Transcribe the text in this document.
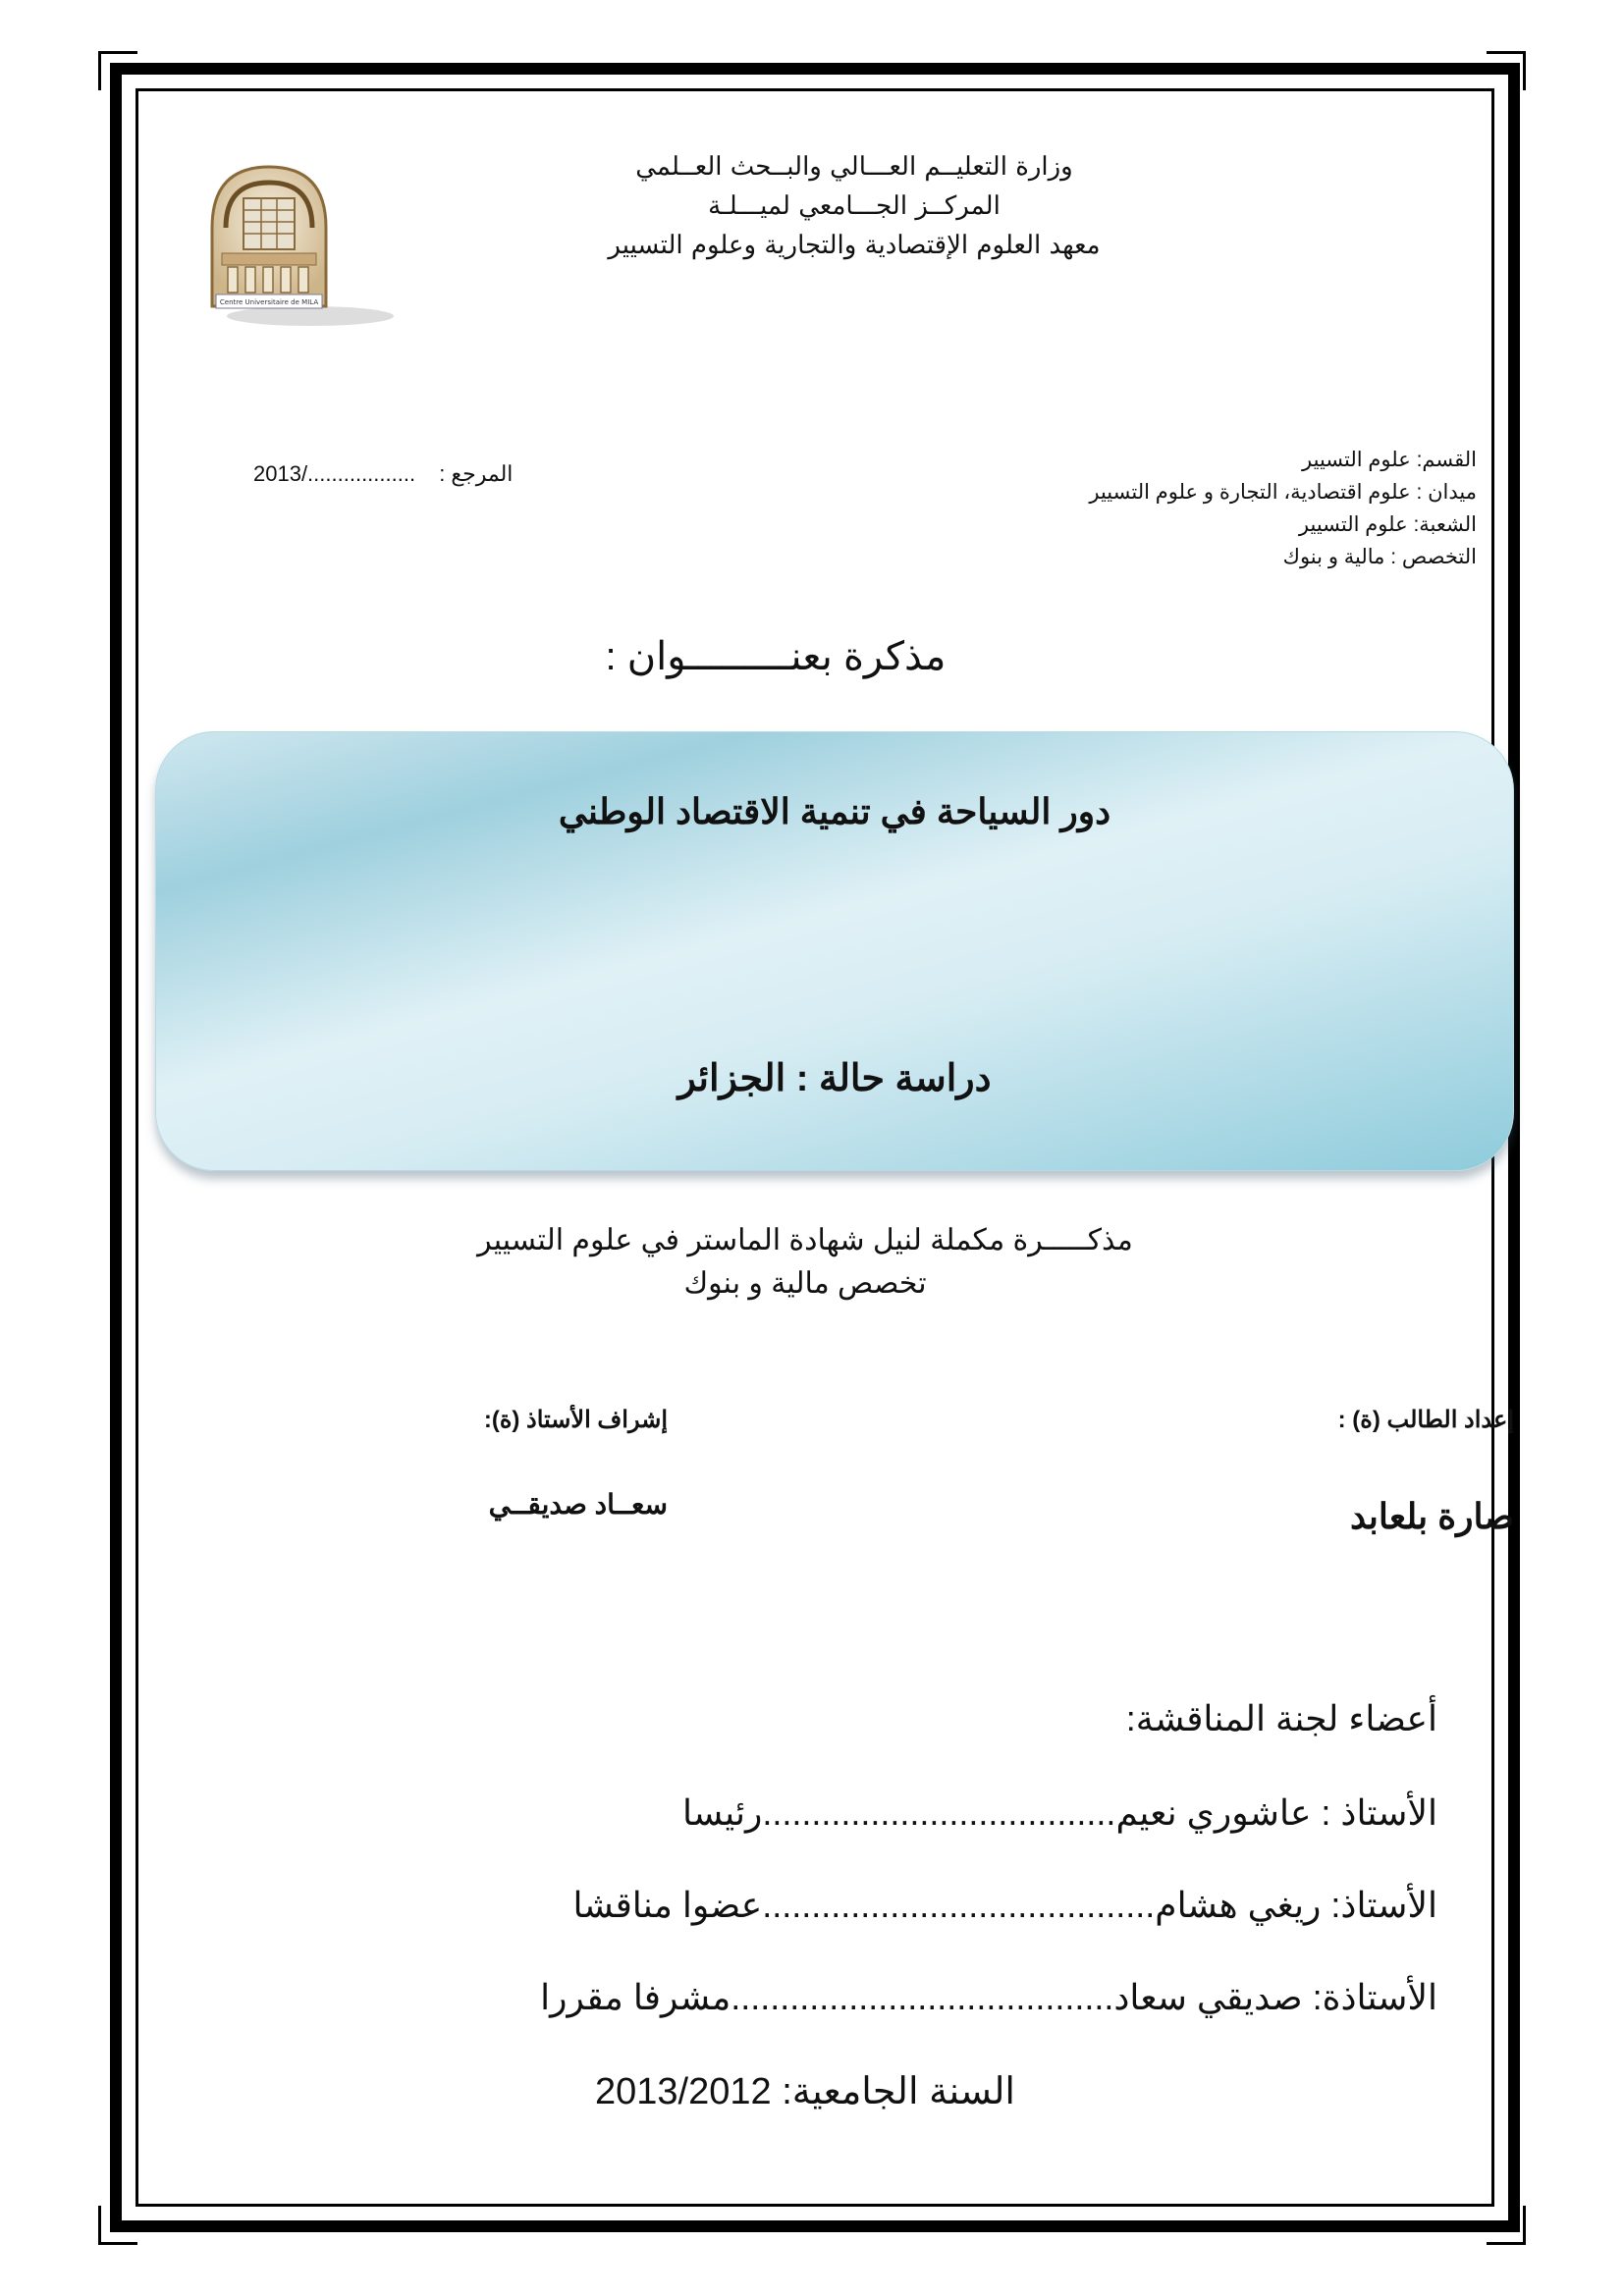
Centre Universitaire de MILA
وزارة التعليــم العـــالي والبــحث العــلمي
المركــز الجـــامعي لميـــلـة
معهد العلوم الإقتصادية والتجارية وعلوم التسيير
2013/.................. المرجع :
القسم: علوم التسيير
ميدان : علوم اقتصادية، التجارة و علوم التسيير
الشعبة: علوم التسيير
التخصص : مالية و بنوك
مذكرة بعنـــــــــوان :
دور السياحة في تنمية الاقتصاد الوطني
دراسة حالة : الجزائر
مذكـــــرة مكملة لنيل شهادة الماستر في علوم التسيير
تخصص مالية و بنوك
إعداد الطالب (ة) :
صارة بلعابد
إشراف الأستاذ (ة):
سعــاد صديقــي
أعضاء لجنة المناقشة:
الأستاذ : عاشوري نعيم....................................رئيسا
الأستاذ: ريغي هشام........................................عضوا مناقشا
الأستاذة: صديقي سعاد.......................................مشرفا مقررا
السنة الجامعية: 2013/2012
